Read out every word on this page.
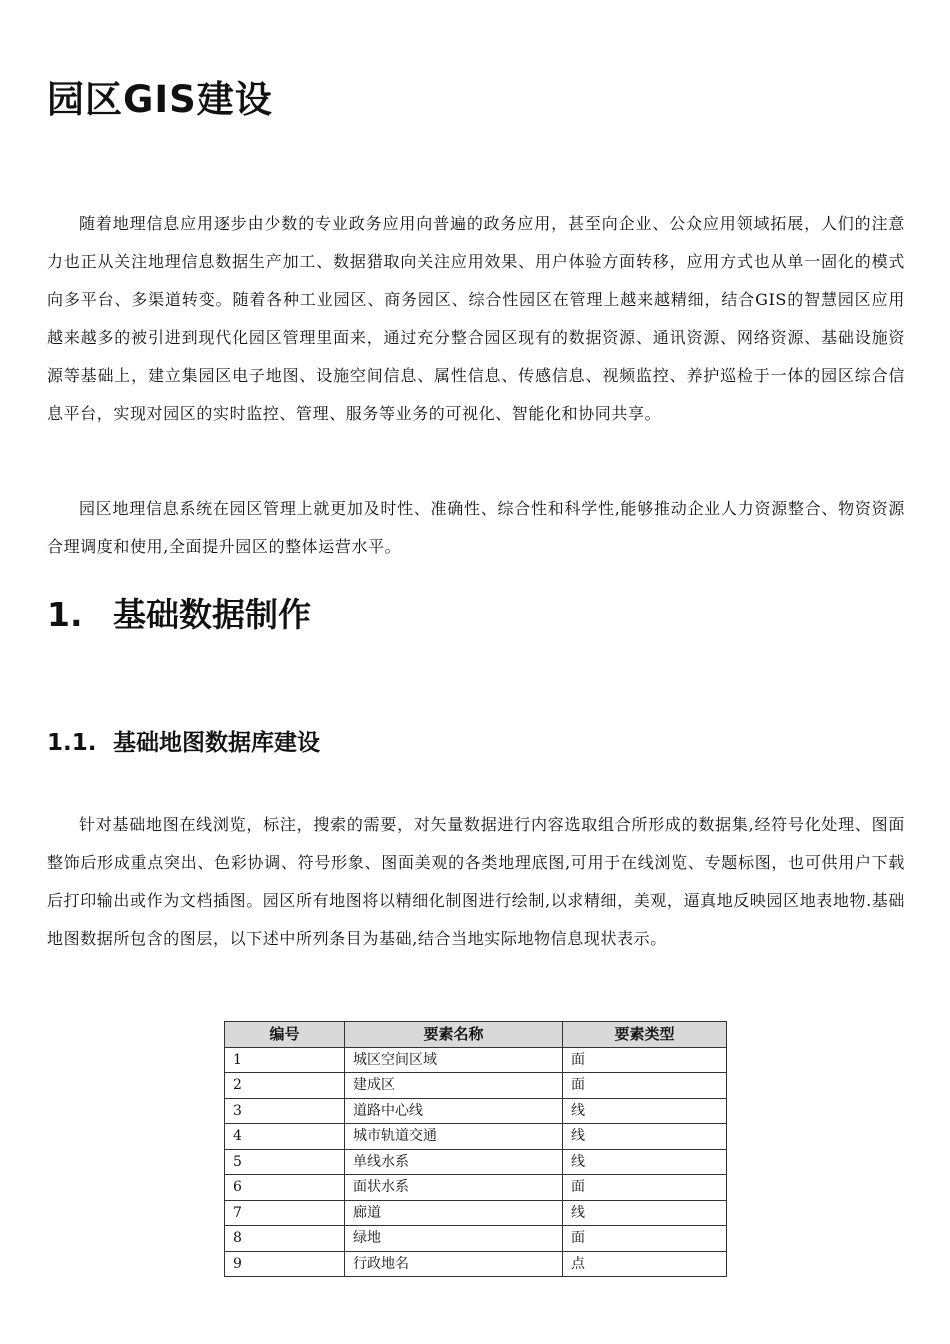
园区GIS建设

随着地理信息应用逐步由少数的专业政务应用向普遍的政务应用，甚至向企业、公众应用领域拓展，人们的注意力也正从关注地理信息数据生产加工、数据猎取向关注应用效果、用户体验方面转移，应用方式也从单一固化的模式向多平台、多渠道转变。随着各种工业园区、商务园区、综合性园区在管理上越来越精细，结合GIS的智慧园区应用越来越多的被引进到现代化园区管理里面来，通过充分整合园区现有的数据资源、通讯资源、网络资源、基础设施资源等基础上，建立集园区电子地图、设施空间信息、属性信息、传感信息、视频监控、养护巡检于一体的园区综合信息平台，实现对园区的实时监控、管理、服务等业务的可视化、智能化和协同共享。

园区地理信息系统在园区管理上就更加及时性、准确性、综合性和科学性,能够推动企业人力资源整合、物资资源合理调度和使用,全面提升园区的整体运营水平。

1. 基础数据制作
1.1. 基础地图数据库建设

针对基础地图在线浏览，标注，搜索的需要，对矢量数据进行内容选取组合所形成的数据集,经符号化处理、图面整饰后形成重点突出、色彩协调、符号形象、图面美观的各类地理底图,可用于在线浏览、专题标图，也可供用户下载后打印输出或作为文档插图。园区所有地图将以精细化制图进行绘制,以求精细，美观，逼真地反映园区地表地物.基础地图数据所包含的图层，以下述中所列条目为基础,结合当地实际地物信息现状表示。

编号	要素名称	要素类型
1	城区空间区域	面
2	建成区	面
3	道路中心线	线
4	城市轨道交通	线
5	单线水系	线
6	面状水系	面
7	廊道	线
8	绿地	面
9	行政地名	点
